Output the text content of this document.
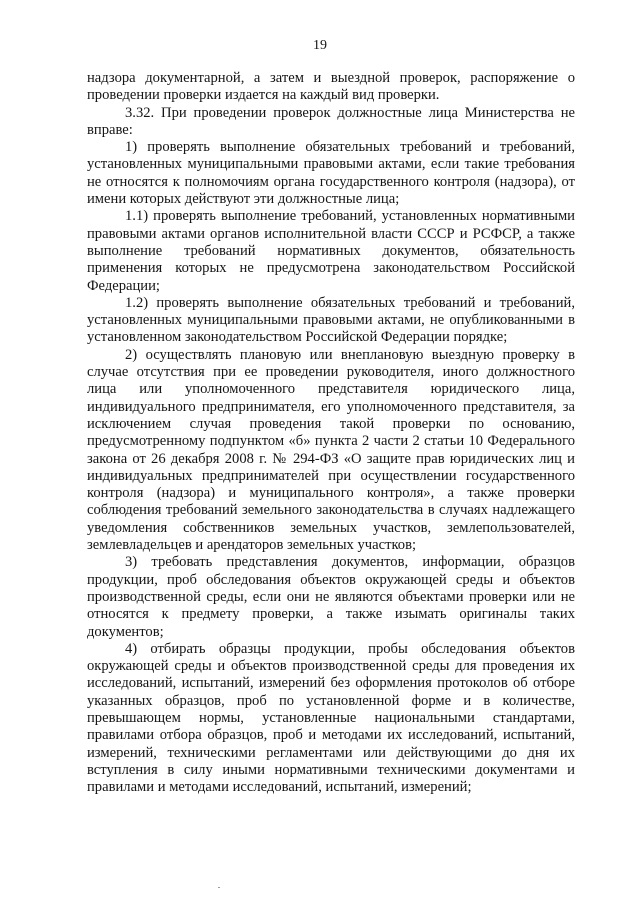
19

надзора документарной, а затем и выездной проверок, распоряжение о проведении проверки издается на каждый вид проверки.

3.32. При проведении проверок должностные лица Министерства не вправе:

1) проверять выполнение обязательных требований и требований, установленных муниципальными правовыми актами, если такие требования не относятся к полномочиям органа государственного контроля (надзора), от имени которых действуют эти должностные лица;

1.1) проверять выполнение требований, установленных нормативными правовыми актами органов исполнительной власти СССР и РСФСР, а также выполнение требований нормативных документов, обязательность применения которых не предусмотрена законодательством Российской Федерации;

1.2) проверять выполнение обязательных требований и требований, установленных муниципальными правовыми актами, не опубликованными в установленном законодательством Российской Федерации порядке;

2) осуществлять плановую или внеплановую выездную проверку в случае отсутствия при ее проведении руководителя, иного должностного лица или уполномоченного представителя юридического лица, индивидуального предпринимателя, его уполномоченного представителя, за исключением случая проведения такой проверки по основанию, предусмотренному подпунктом «б» пункта 2 части 2 статьи 10 Федерального закона от 26 декабря 2008 г. № 294-ФЗ «О защите прав юридических лиц и индивидуальных предпринимателей при осуществлении государственного контроля (надзора) и муниципального контроля», а также проверки соблюдения требований земельного законодательства в случаях надлежащего уведомления собственников земельных участков, землепользователей, землевладельцев и арендаторов земельных участков;

3) требовать представления документов, информации, образцов продукции, проб обследования объектов окружающей среды и объектов производственной среды, если они не являются объектами проверки или не относятся к предмету проверки, а также изымать оригиналы таких документов;

4) отбирать образцы продукции, пробы обследования объектов окружающей среды и объектов производственной среды для проведения их исследований, испытаний, измерений без оформления протоколов об отборе указанных образцов, проб по установленной форме и в количестве, превышающем нормы, установленные национальными стандартами, правилами отбора образцов, проб и методами их исследований, испытаний, измерений, техническими регламентами или действующими до дня их вступления в силу иными нормативными техническими документами и правилами и методами исследований, испытаний, измерений;
